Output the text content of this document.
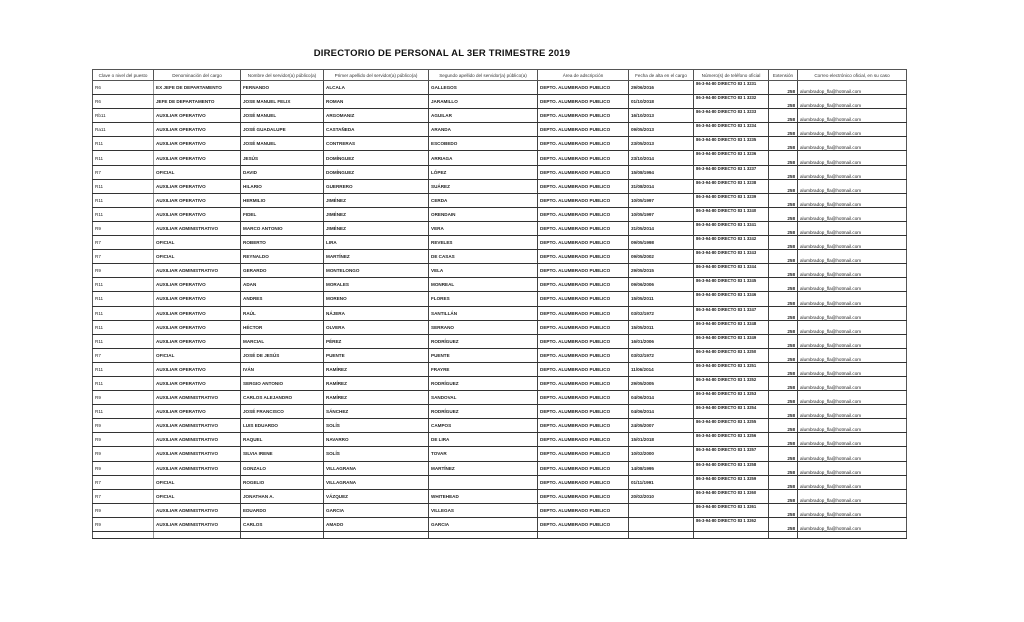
DIRECTORIO DE PERSONAL AL 3ER TRIMESTRE 2019
Clave o nivel del puesto	Denominación del cargo	Nombre del servidor(a) público(a)	Primer apellido del servidor(a) público(a)	Segundo apellido del servidor(a) público(a)	Área de adscripción	Fecha de alta en el cargo	Número(s) de teléfono oficial	Extensión	Correo electrónico oficial, en su caso
R6	EX JEFE DE DEPARTAMENTO	FERNANDO	ALCALA	GALLEGOS	DEPTO. ALUMBRADO PUBLICO	29/06/2016	86-3-94-80 DIRECTO 83 1 3231	258	alumbradop_fla@hotmail.com
R6	JEFE DE DEPARTAMENTO	JOSE MANUEL FELIX	ROMAN	JARAMILLO	DEPTO. ALUMBRADO PUBLICO	01/10/2018	86-3-94-80 DIRECTO 83 1 3232	258	alumbradop_fla@hotmail.com
Rb11	AUXILIAR OPERATIVO	JOSÉ MANUEL	ARGOMANIZ	AGUILAR	DEPTO. ALUMBRADO PUBLICO	16/10/2013	86-3-94-80 DIRECTO 83 1 3233	258	alumbradop_fla@hotmail.com
Ra11	AUXILIAR OPERATIVO	JOSÉ GUADALUPE	CASTAÑEDA	ARANDA	DEPTO. ALUMBRADO PUBLICO	09/05/2013	86-3-94-80 DIRECTO 83 1 3234	258	alumbradop_fla@hotmail.com
R11	AUXILIAR OPERATIVO	JOSÉ MANUEL	CONTRERAS	ESCOBEDO	DEPTO. ALUMBRADO PUBLICO	23/05/2013	86-3-94-80 DIRECTO 83 1 3235	258	alumbradop_fla@hotmail.com
R11	AUXILIAR OPERATIVO	JESÚS	DOMÍNGUEZ	ARRIAGA	DEPTO. ALUMBRADO PUBLICO	23/10/2014	86-3-94-80 DIRECTO 83 1 3236	258	alumbradop_fla@hotmail.com
R7	OFICIAL	DAVID	DOMÍNGUEZ	LÓPEZ	DEPTO. ALUMBRADO PUBLICO	15/08/1994	86-3-94-80 DIRECTO 83 1 3237	258	alumbradop_fla@hotmail.com
R11	AUXILIAR OPERATIVO	HILARIO	GUERRERO	SUÁREZ	DEPTO. ALUMBRADO PUBLICO	31/08/2014	86-3-94-80 DIRECTO 83 1 3238	258	alumbradop_fla@hotmail.com
R11	AUXILIAR OPERATIVO	HERMILIO	JIMÉNEZ	CERDA	DEPTO. ALUMBRADO PUBLICO	10/05/1997	86-3-94-80 DIRECTO 83 1 3239	258	alumbradop_fla@hotmail.com
R11	AUXILIAR OPERATIVO	FIDEL	JIMÉNEZ	ORENDAIN	DEPTO. ALUMBRADO PUBLICO	10/05/1997	86-3-94-80 DIRECTO 83 1 3240	258	alumbradop_fla@hotmail.com
R9	AUXILIAR ADMINISTRATIVO	MARCO ANTONIO	JIMÉNEZ	VERA	DEPTO. ALUMBRADO PUBLICO	31/05/2014	86-3-94-80 DIRECTO 83 1 3241	258	alumbradop_fla@hotmail.com
R7	OFICIAL	ROBERTO	LIRA	REVELES	DEPTO. ALUMBRADO PUBLICO	09/05/1998	86-3-94-80 DIRECTO 83 1 3242	258	alumbradop_fla@hotmail.com
R7	OFICIAL	REYNALDO	MARTÍNEZ	DE CASAS	DEPTO. ALUMBRADO PUBLICO	09/05/2002	86-3-94-80 DIRECTO 83 1 3243	258	alumbradop_fla@hotmail.com
R9	AUXILIAR ADMINISTRATIVO	GERARDO	MONTELONGO	VELA	DEPTO. ALUMBRADO PUBLICO	29/05/2015	86-3-94-80 DIRECTO 83 1 3244	258	alumbradop_fla@hotmail.com
R11	AUXILIAR OPERATIVO	ADAN	MORALES	MONREAL	DEPTO. ALUMBRADO PUBLICO	09/06/2006	86-3-94-80 DIRECTO 83 1 3245	258	alumbradop_fla@hotmail.com
R11	AUXILIAR OPERATIVO	ANDRES	MORENO	FLORES	DEPTO. ALUMBRADO PUBLICO	15/05/2011	86-3-94-80 DIRECTO 83 1 3246	258	alumbradop_fla@hotmail.com
R11	AUXILIAR OPERATIVO	RAÚL	NÁJERA	SANTILLÁN	DEPTO. ALUMBRADO PUBLICO	03/02/1972	86-3-94-80 DIRECTO 83 1 3247	258	alumbradop_fla@hotmail.com
R11	AUXILIAR OPERATIVO	HÉCTOR	OLVERA	SERRANO	DEPTO. ALUMBRADO PUBLICO	15/05/2011	86-3-94-80 DIRECTO 83 1 3248	258	alumbradop_fla@hotmail.com
R11	AUXILIAR OPERATIVO	MARCIAL	PÉREZ	RODRÍGUEZ	DEPTO. ALUMBRADO PUBLICO	16/01/2006	86-3-94-80 DIRECTO 83 1 3249	258	alumbradop_fla@hotmail.com
R7	OFICIAL	JOSÉ DE JESÚS	PUENTE	PUENTE	DEPTO. ALUMBRADO PUBLICO	03/02/1972	86-3-94-80 DIRECTO 83 1 3250	258	alumbradop_fla@hotmail.com
R11	AUXILIAR OPERATIVO	IVÁN	RAMÍREZ	FRAYRE	DEPTO. ALUMBRADO PUBLICO	11/06/2014	86-3-94-80 DIRECTO 83 1 3251	258	alumbradop_fla@hotmail.com
R11	AUXILIAR OPERATIVO	SERGIO ANTONIO	RAMÍREZ	RODRÍGUEZ	DEPTO. ALUMBRADO PUBLICO	29/05/2005	86-3-94-80 DIRECTO 83 1 3252	258	alumbradop_fla@hotmail.com
R9	AUXILIAR ADMINISTRATIVO	CARLOS ALEJANDRO	RAMÍREZ	SANDOVAL	DEPTO. ALUMBRADO PUBLICO	04/06/2014	86-3-94-80 DIRECTO 83 1 3253	258	alumbradop_fla@hotmail.com
R11	AUXILIAR OPERATIVO	JOSÉ FRANCISCO	SÁNCHEZ	RODRÍGUEZ	DEPTO. ALUMBRADO PUBLICO	04/06/2014	86-3-94-80 DIRECTO 83 1 3254	258	alumbradop_fla@hotmail.com
R9	AUXILIAR ADMINISTRATIVO	LUIS EDUARDO	SOLÍS	CAMPOS	DEPTO. ALUMBRADO PUBLICO	24/05/2007	86-3-94-80 DIRECTO 83 1 3255	258	alumbradop_fla@hotmail.com
R9	AUXILIAR ADMINISTRATIVO	RAQUEL	NAVARRO	DE LIRA	DEPTO. ALUMBRADO PUBLICO	15/01/2018	86-3-94-80 DIRECTO 83 1 3256	258	alumbradop_fla@hotmail.com
R9	AUXILIAR ADMINISTRATIVO	SILVIA IRENE	SOLÍS	TOVAR	DEPTO. ALUMBRADO PUBLICO	10/02/2000	86-3-94-80 DIRECTO 83 1 3257	258	alumbradop_fla@hotmail.com
R9	AUXILIAR ADMINISTRATIVO	GONZALO	VILLAGRANA	MARTÍNEZ	DEPTO. ALUMBRADO PUBLICO	14/08/1995	86-3-94-80 DIRECTO 83 1 3258	258	alumbradop_fla@hotmail.com
R7	OFICIAL	ROGELIO	VILLAGRANA		DEPTO. ALUMBRADO PUBLICO	01/11/1991	86-3-94-80 DIRECTO 83 1 3259	258	alumbradop_fla@hotmail.com
R7	OFICIAL	JONATHAN A.	VÁZQUEZ	WHITEHEAD	DEPTO. ALUMBRADO PUBLICO	20/02/2010	86-3-94-80 DIRECTO 83 1 3260	258	alumbradop_fla@hotmail.com
R9	AUXILIAR ADMINISTRATIVO	EDUARDO	GARCIA	VILLEGAS	DEPTO. ALUMBRADO PUBLICO		86-3-94-80 DIRECTO 83 1 3261	258	alumbradop_fla@hotmail.com
R9	AUXILIAR ADMINISTRATIVO	CARLOS	AMADO	GARCIA	DEPTO. ALUMBRADO PUBLICO		86-3-94-80 DIRECTO 83 1 3262	258	alumbradop_fla@hotmail.com
